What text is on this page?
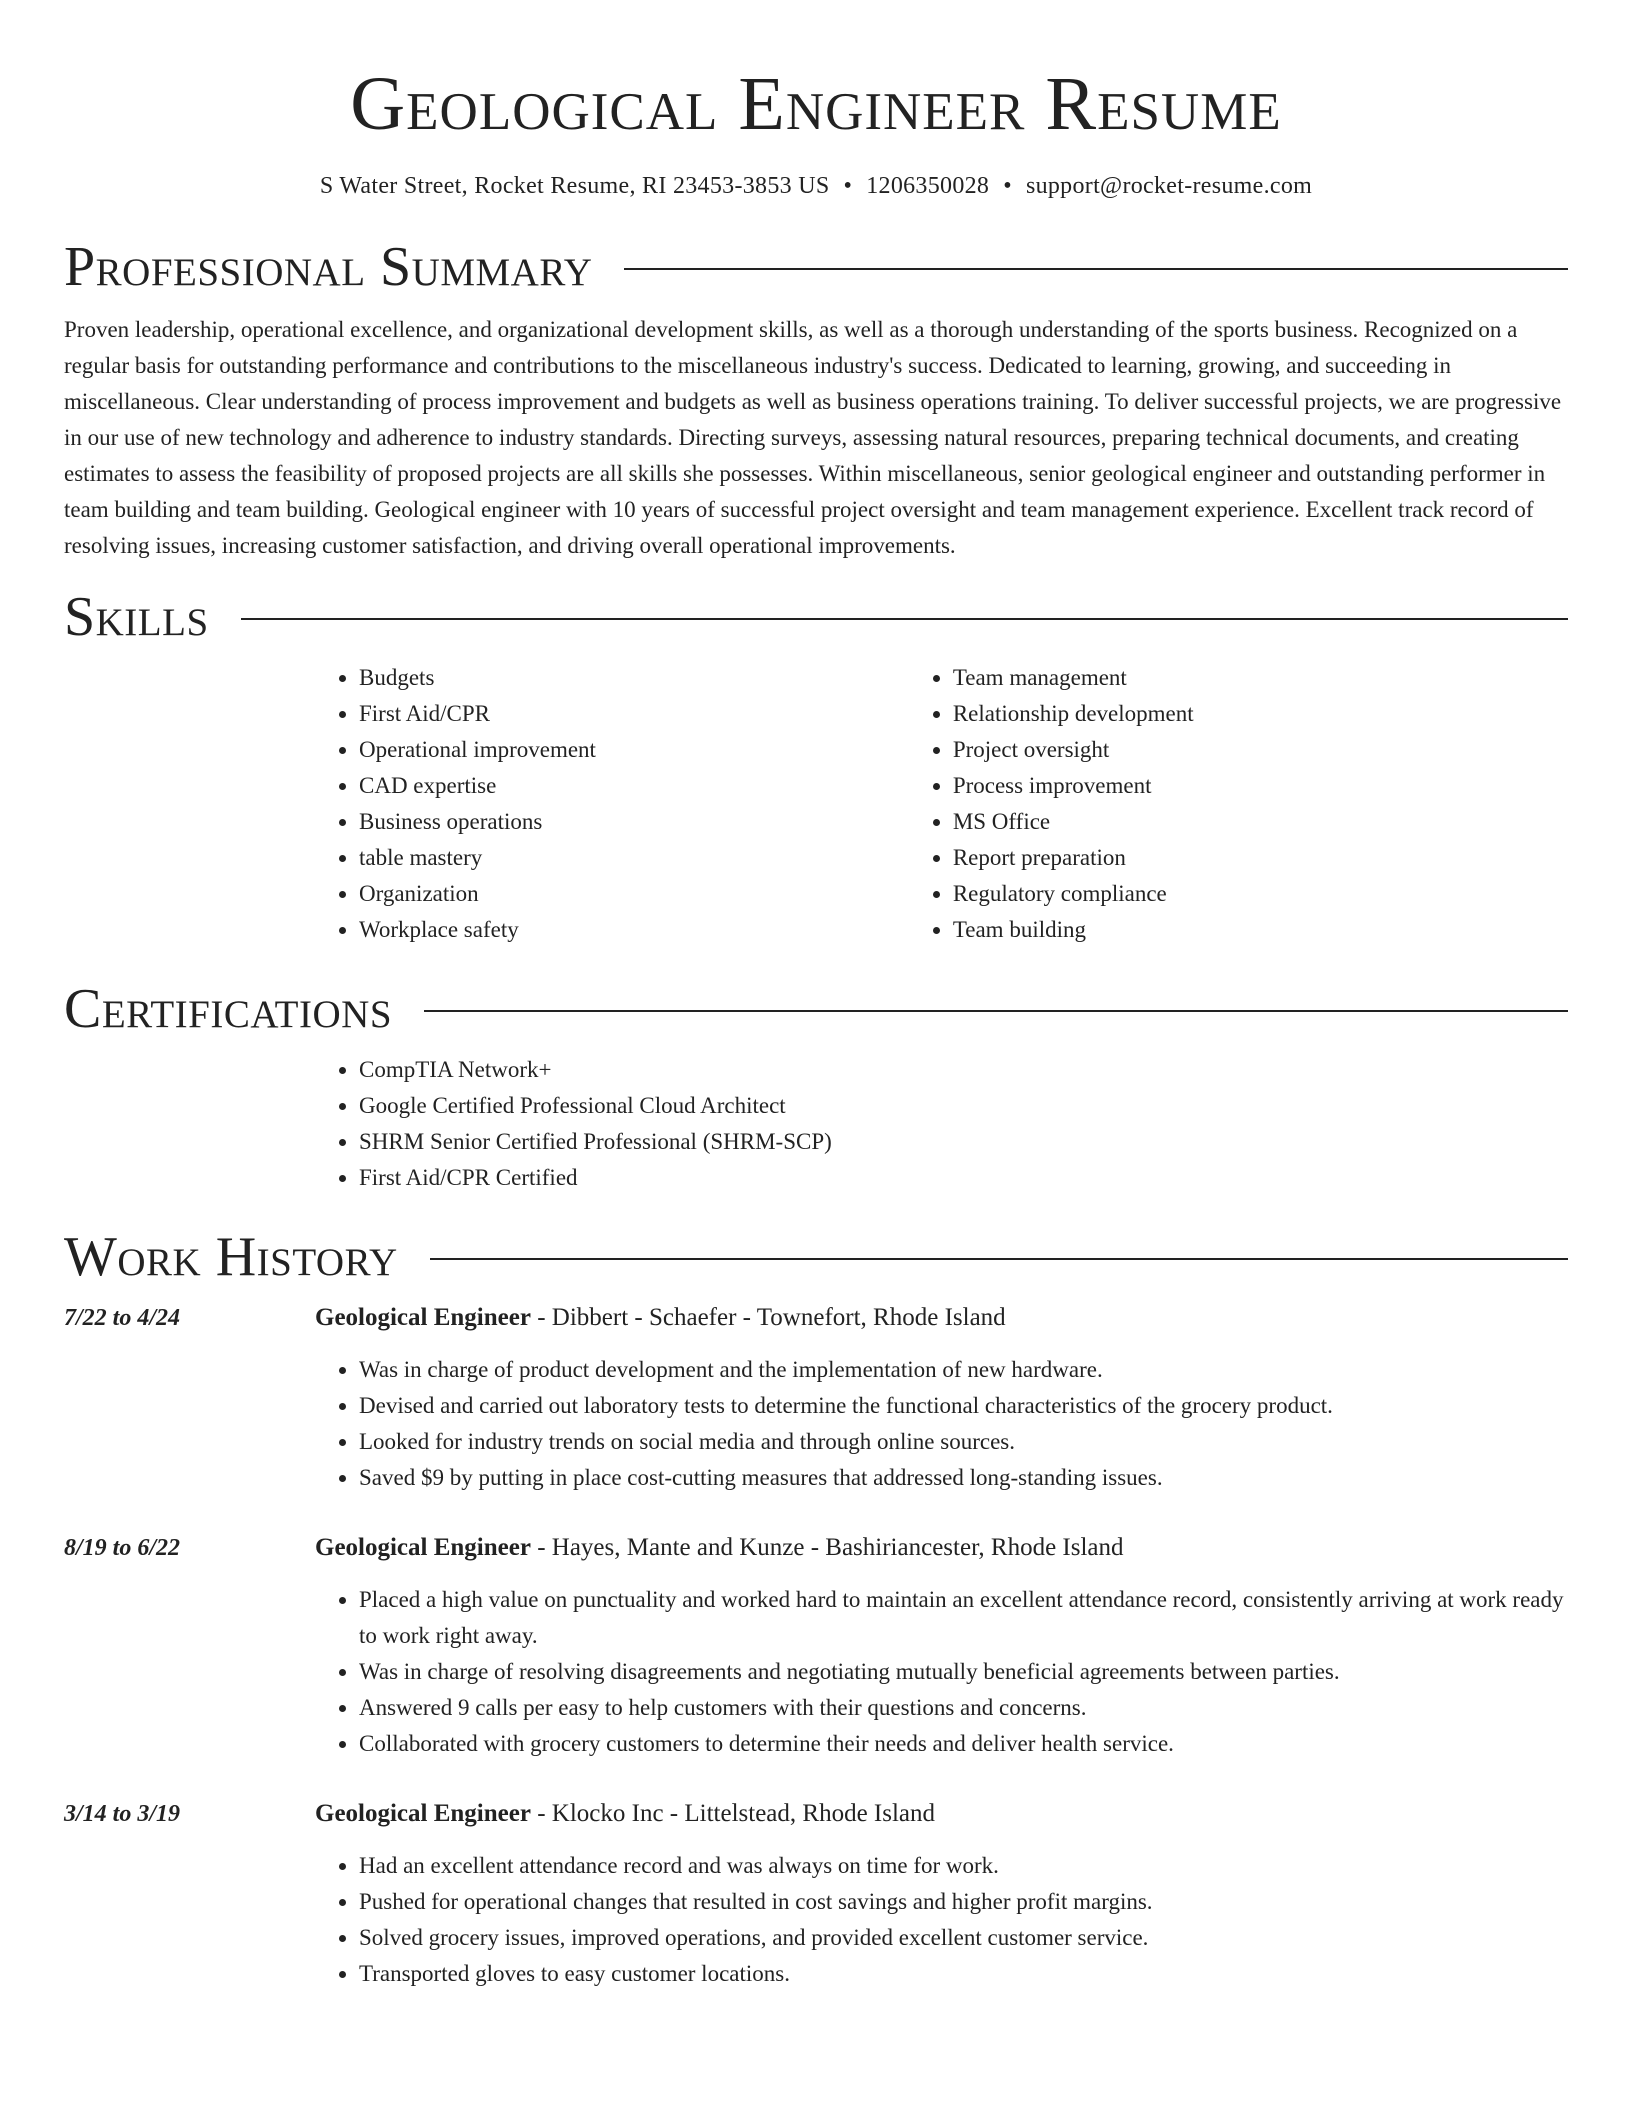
Geological Engineer Resume
S Water Street, Rocket Resume, RI 23453-3853 US • 1206350028 • support@rocket-resume.com
Professional Summary

Proven leadership, operational excellence, and organizational development skills, as well as a thorough understanding of the sports business. Recognized on a regular basis for outstanding performance and contributions to the miscellaneous industry's success. Dedicated to learning, growing, and succeeding in miscellaneous. Clear understanding of process improvement and budgets as well as business operations training. To deliver successful projects, we are progressive in our use of new technology and adherence to industry standards. Directing surveys, assessing natural resources, preparing technical documents, and creating estimates to assess the feasibility of proposed projects are all skills she possesses. Within miscellaneous, senior geological engineer and outstanding performer in team building and team building. Geological engineer with 10 years of successful project oversight and team management experience. Excellent track record of resolving issues, increasing customer satisfaction, and driving overall operational improvements.

Skills
• Budgets
• First Aid/CPR
• Operational improvement
• CAD expertise
• Business operations
• table mastery
• Organization
• Workplace safety
• Team management
• Relationship development
• Project oversight
• Process improvement
• MS Office
• Report preparation
• Regulatory compliance
• Team building
Certifications
• CompTIA Network+
• Google Certified Professional Cloud Architect
• SHRM Senior Certified Professional (SHRM-SCP)
• First Aid/CPR Certified
Work History
7/22 to 4/24	Geological Engineer - Dibbert - Schaefer - Townefort, Rhode Island

• Was in charge of product development and the implementation of new hardware.
• Devised and carried out laboratory tests to determine the functional characteristics of the grocery product.
• Looked for industry trends on social media and through online sources.
• Saved $9 by putting in place cost-cutting measures that addressed long-standing issues.
8/19 to 6/22	Geological Engineer - Hayes, Mante and Kunze - Bashiriancester, Rhode Island

• Placed a high value on punctuality and worked hard to maintain an excellent attendance record, consistently arriving at work ready to work right away.
• Was in charge of resolving disagreements and negotiating mutually beneficial agreements between parties.
• Answered 9 calls per easy to help customers with their questions and concerns.
• Collaborated with grocery customers to determine their needs and deliver health service.
3/14 to 3/19	Geological Engineer - Klocko Inc - Littelstead, Rhode Island

• Had an excellent attendance record and was always on time for work.
• Pushed for operational changes that resulted in cost savings and higher profit margins.
• Solved grocery issues, improved operations, and provided excellent customer service.
• Transported gloves to easy customer locations.
